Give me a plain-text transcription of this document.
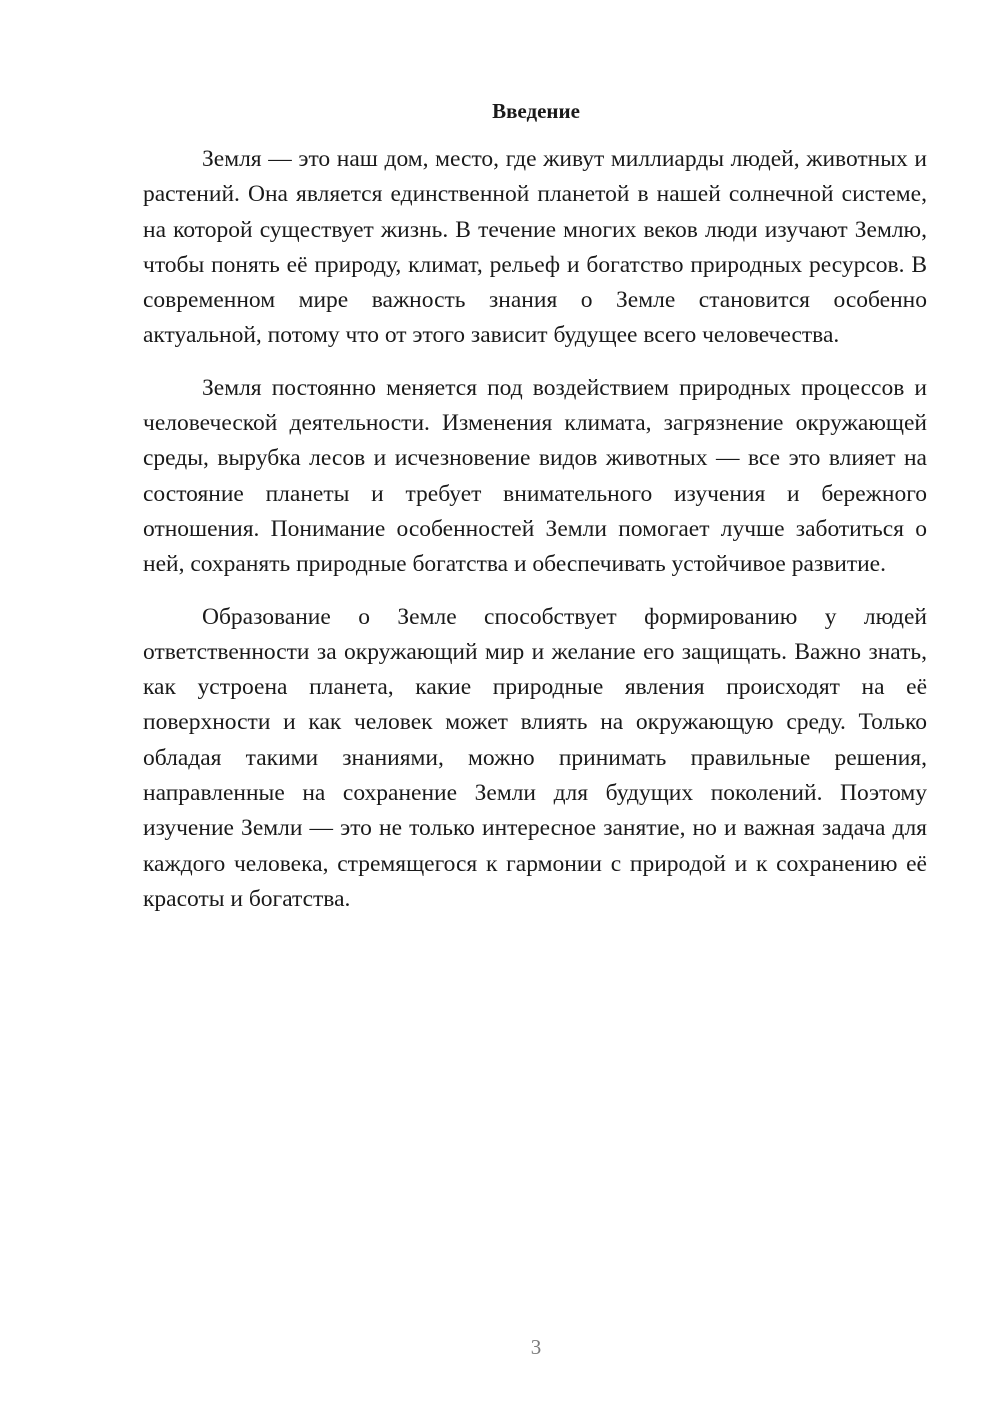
Введение

Земля — это наш дом, место, где живут миллиарды людей, животных и растений. Она является единственной планетой в нашей солнечной системе, на которой существует жизнь. В течение многих веков люди изучают Землю, чтобы понять её природу, климат, рельеф и богатство природных ресурсов. В современном мире важность знания о Земле становится особенно актуальной, потому что от этого зависит будущее всего человечества.

Земля постоянно меняется под воздействием природных процессов и человеческой деятельности. Изменения климата, загрязнение окружающей среды, вырубка лесов и исчезновение видов животных — все это влияет на состояние планеты и требует внимательного изучения и бережного отношения. Понимание особенностей Земли помогает лучше заботиться о ней, сохранять природные богатства и обеспечивать устойчивое развитие.

Образование о Земле способствует формированию у людей ответственности за окружающий мир и желание его защищать. Важно знать, как устроена планета, какие природные явления происходят на её поверхности и как человек может влиять на окружающую среду. Только обладая такими знаниями, можно принимать правильные решения, направленные на сохранение Земли для будущих поколений. Поэтому изучение Земли — это не только интересное занятие, но и важная задача для каждого человека, стремящегося к гармонии с природой и к сохранению её красоты и богатства.

3
